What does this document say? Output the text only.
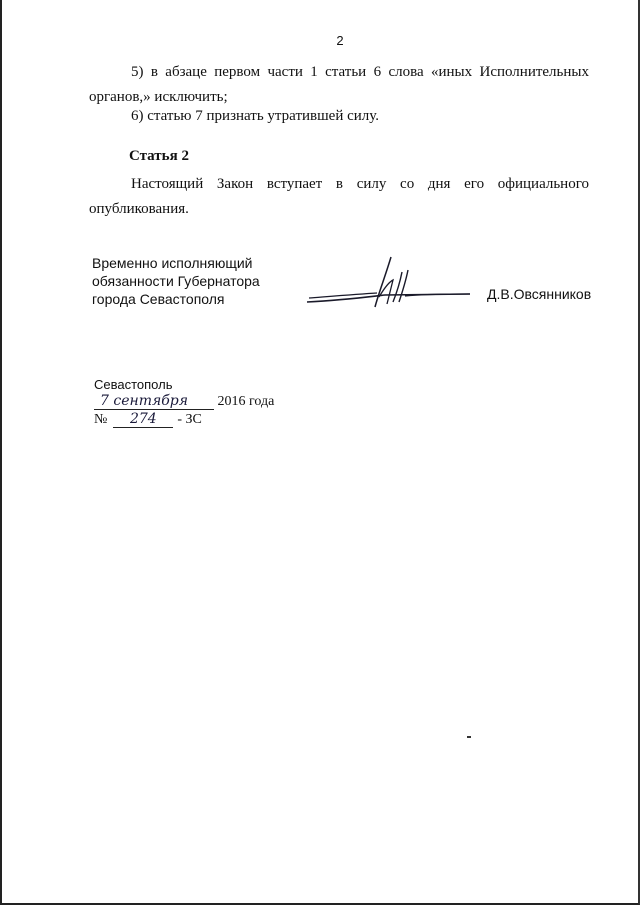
2
5) в абзаце первом части 1 статьи 6 слова «иных Исполнительных
органов,» исключить;
6) статью 7 признать утратившей силу.
Статья 2
Настоящий Закон вступает в силу со дня его официального
опубликования.
Временно исполняющий
обязанности Губернатора
города Севастополя	Д.В.Овсянников
Севастополь
7 сентября 2016 года
№ 274 - ЗС
